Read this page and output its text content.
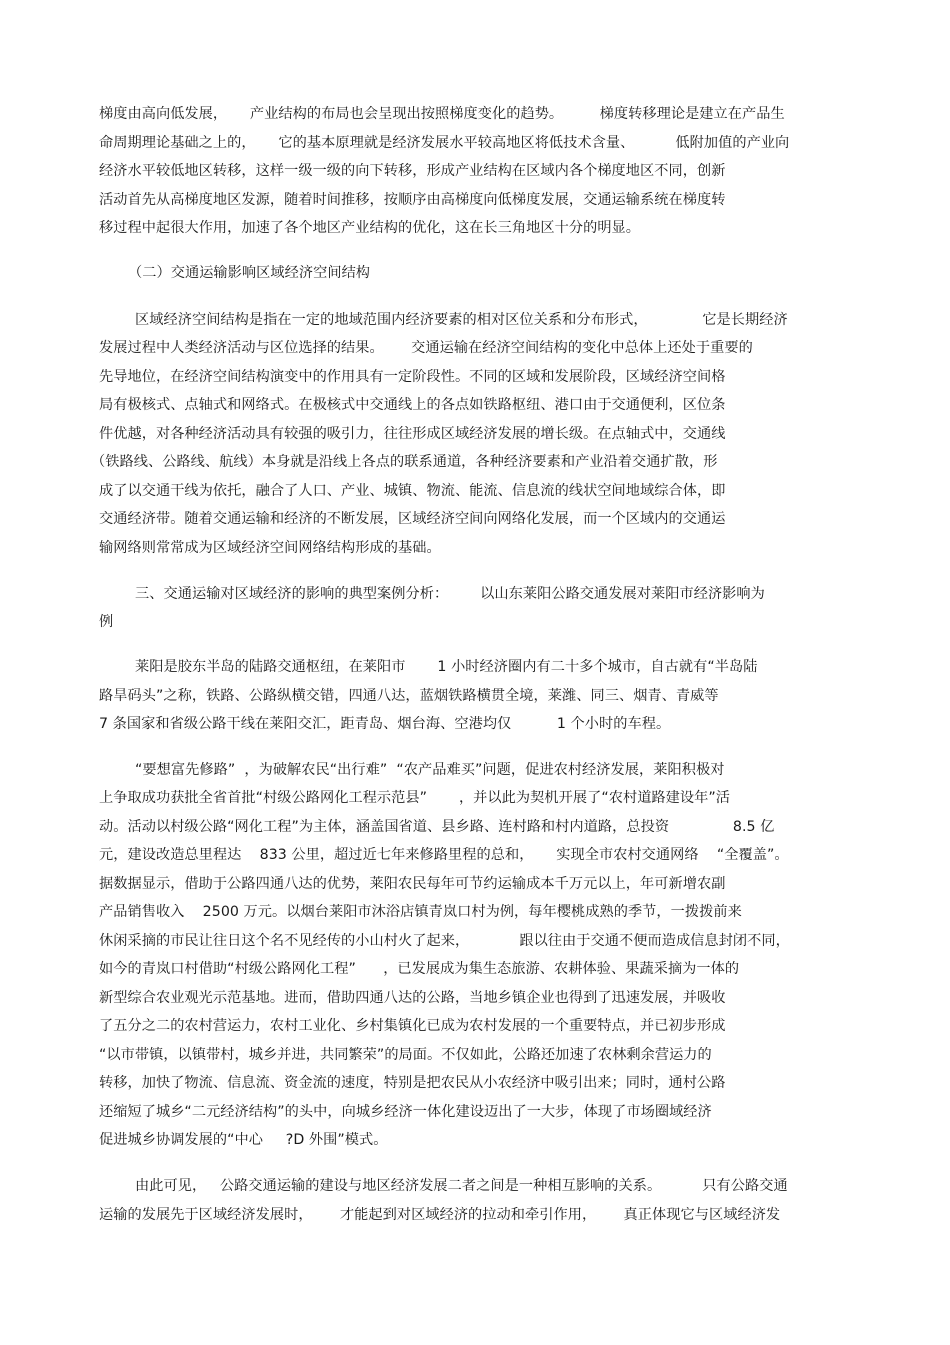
梯度由高向低发展，     产业结构的布局也会呈现出按照梯度变化的趋势。        梯度转移理论是建立在产品生
命周期理论基础之上的，     它的基本原理就是经济发展水平较高地区将低技术含量、         低附加值的产业向
经济水平较低地区转移，这样一级一级的向下转移，形成产业结构在区域内各个梯度地区不同，创新
活动首先从高梯度地区发源，随着时间推移，按顺序由高梯度向低梯度发展，交通运输系统在梯度转
移过程中起很大作用，加速了各个地区产业结构的优化，这在长三角地区十分的明显。
（二）交通运输影响区域经济空间结构
区域经济空间结构是指在一定的地域范围内经济要素的相对区位关系和分布形式，            它是长期经济
发展过程中人类经济活动与区位选择的结果。      交通运输在经济空间结构的变化中总体上还处于重要的
先导地位，在经济空间结构演变中的作用具有一定阶段性。不同的区域和发展阶段，区域经济空间格
局有极核式、点轴式和网络式。在极核式中交通线上的各点如铁路枢纽、港口由于交通便利，区位条
件优越，对各种经济活动具有较强的吸引力，往往形成区域经济发展的增长级。在点轴式中，交通线
（铁路线、公路线、航线）本身就是沿线上各点的联系通道，各种经济要素和产业沿着交通扩散，形
成了以交通干线为依托，融合了人口、产业、城镇、物流、能流、信息流的线状空间地域综合体，即
交通经济带。随着交通运输和经济的不断发展，区域经济空间向网络化发展，而一个区域内的交通运
输网络则常常成为区域经济空间网络结构形成的基础。
三、交通运输对区域经济的影响的典型案例分析：       以山东莱阳公路交通发展对莱阳市经济影响为
例
莱阳是胶东半岛的陆路交通枢纽，在莱阳市       1 小时经济圈内有二十多个城市，自古就有“半岛陆
路旱码头”之称，铁路、公路纵横交错，四通八达，蓝烟铁路横贯全境，莱潍、同三、烟青、青威等
7 条国家和省级公路干线在莱阳交汇，距青岛、烟台海、空港均仅          1 个小时的车程。
“要想富先修路”  ，为破解农民“出行难”  “农产品难买”问题，促进农村经济发展，莱阳积极对
上争取成功获批全省首批“村级公路网化工程示范县”       ，并以此为契机开展了“农村道路建设年”活
动。活动以村级公路“网化工程”为主体，涵盖国省道、县乡路、连村路和村内道路，总投资              8.5 亿
元，建设改造总里程达    833 公里，超过近七年来修路里程的总和，     实现全市农村交通网络    “全覆盖”。
据数据显示，借助于公路四通八达的优势，莱阳农民每年可节约运输成本千万元以上，年可新增农副
产品销售收入    2500 万元。以烟台莱阳市沐浴店镇青岚口村为例，每年樱桃成熟的季节，一拨拨前来
休闲采摘的市民让往日这个名不见经传的小山村火了起来，           跟以往由于交通不便而造成信息封闭不同，
如今的青岚口村借助“村级公路网化工程”      ，已发展成为集生态旅游、农耕体验、果蔬采摘为一体的
新型综合农业观光示范基地。进而，借助四通八达的公路，当地乡镇企业也得到了迅速发展，并吸收
了五分之二的农村营运力，农村工业化、乡村集镇化已成为农村发展的一个重要特点，并已初步形成
“以市带镇，以镇带村，城乡并进，共同繁荣”的局面。不仅如此，公路还加速了农林剩余营运力的
转移，加快了物流、信息流、资金流的速度，特别是把农民从小农经济中吸引出来；同时，通村公路
还缩短了城乡“二元经济结构”的头中，向城乡经济一体化建设迈出了一大步，体现了市场圈域经济
促进城乡协调发展的“中心     ?D 外围”模式。
由此可见，   公路交通运输的建设与地区经济发展二者之间是一种相互影响的关系。         只有公路交通
运输的发展先于区域经济发展时，      才能起到对区域经济的拉动和牵引作用，      真正体现它与区域经济发
